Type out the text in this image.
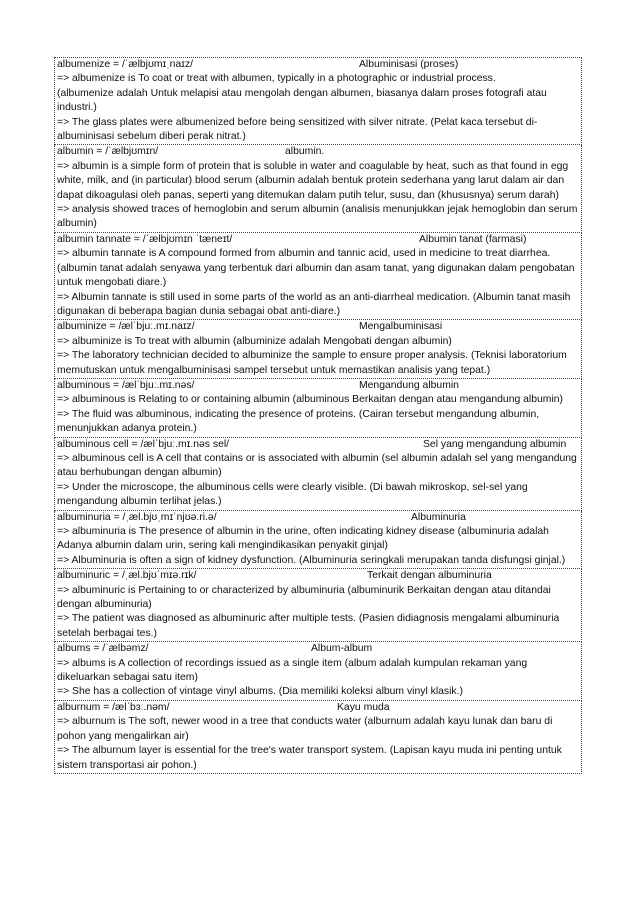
albumenize = /ˈælbjʊmɪˌnaɪz/	Albuminisasi (proses)
=> albumenize is To coat or treat with albumen, typically in a photographic or industrial process.
(albumenize adalah Untuk melapisi atau mengolah dengan albumen, biasanya dalam proses fotografi atau industri.)
=> The glass plates were albumenized before being sensitized with silver nitrate. (Pelat kaca tersebut di-albuminisasi sebelum diberi perak nitrat.)
albumin = /ˈælbjʊmɪn/	albumin.
=> albumin is a simple form of protein that is soluble in water and coagulable by heat, such as that found in egg white, milk, and (in particular) blood serum (albumin adalah bentuk protein sederhana yang larut dalam air dan dapat dikoagulasi oleh panas, seperti yang ditemukan dalam putih telur, susu, dan (khususnya) serum darah)
=> analysis showed traces of hemoglobin and serum albumin (analisis menunjukkan jejak hemoglobin dan serum albumin)
albumin tannate = /ˈælbjʊmɪn ˈtæneɪt/	Albumin tanat (farmasi)
=> albumin tannate is A compound formed from albumin and tannic acid, used in medicine to treat diarrhea. (albumin tanat adalah senyawa yang terbentuk dari albumin dan asam tanat, yang digunakan dalam pengobatan untuk mengobati diare.)
=> Albumin tannate is still used in some parts of the world as an anti-diarrheal medication. (Albumin tanat masih digunakan di beberapa bagian dunia sebagai obat anti-diare.)
albuminize = /ælˈbjuː.mɪ.naɪz/	Mengalbuminisasi
=> albuminize is To treat with albumin (albuminize adalah Mengobati dengan albumin)
=> The laboratory technician decided to albuminize the sample to ensure proper analysis. (Teknisi laboratorium memutuskan untuk mengalbuminisasi sampel tersebut untuk memastikan analisis yang tepat.)
albuminous = /ælˈbjuː.mɪ.nəs/	Mengandung albumin
=> albuminous is Relating to or containing albumin (albuminous Berkaitan dengan atau mengandung albumin)
=> The fluid was albuminous, indicating the presence of proteins. (Cairan tersebut mengandung albumin, menunjukkan adanya protein.)
albuminous cell = /ælˈbjuː.mɪ.nəs sel/	Sel yang mengandung albumin
=> albuminous cell is A cell that contains or is associated with albumin (sel albumin adalah sel yang mengandung atau berhubungan dengan albumin)
=> Under the microscope, the albuminous cells were clearly visible. (Di bawah mikroskop, sel-sel yang mengandung albumin terlihat jelas.)
albuminuria = /ˌæl.bjʊˌmɪˈnjʊə.ri.ə/	Albuminuria
=> albuminuria is The presence of albumin in the urine, often indicating kidney disease (albuminuria adalah Adanya albumin dalam urin, sering kali mengindikasikan penyakit ginjal)
=> Albuminuria is often a sign of kidney dysfunction. (Albuminuria seringkali merupakan tanda disfungsi ginjal.)
albuminuric = /ˌæl.bjʊˈmɪə.rɪk/	Terkait dengan albuminuria
=> albuminuric is Pertaining to or characterized by albuminuria (albuminurik Berkaitan dengan atau ditandai dengan albuminuria)
=> The patient was diagnosed as albuminuric after multiple tests. (Pasien didiagnosis mengalami albuminuria setelah berbagai tes.)
albums = /ˈælbəmz/	Album-album
=> albums is A collection of recordings issued as a single item (album adalah kumpulan rekaman yang dikeluarkan sebagai satu item)
=> She has a collection of vintage vinyl albums. (Dia memiliki koleksi album vinyl klasik.)
alburnum = /ælˈbɜː.nəm/	Kayu muda
=> alburnum is The soft, newer wood in a tree that conducts water (alburnum adalah kayu lunak dan baru di pohon yang mengalirkan air)
=> The alburnum layer is essential for the tree's water transport system. (Lapisan kayu muda ini penting untuk sistem transportasi air pohon.)
